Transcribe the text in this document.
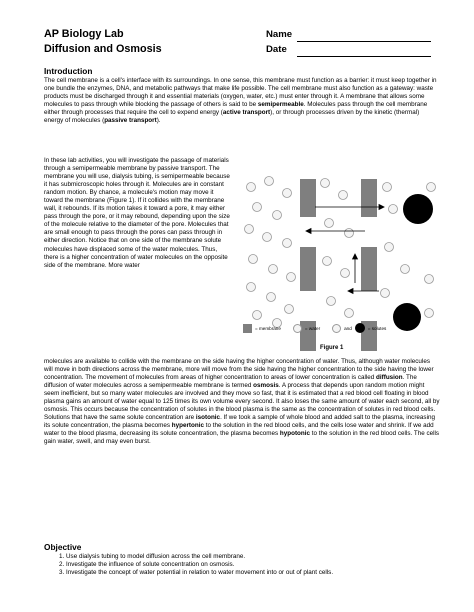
AP Biology Lab
Diffusion and Osmosis
Name
Date
Introduction

The cell membrane is a cell's interface with its surroundings. In one sense, this membrane must function as a barrier: it must keep together in one bundle the enzymes, DNA, and metabolic pathways that make life possible. The cell membrane must also function as a gateway: waste products must be discharged through it and essential materials (oxygen, water, etc.) must enter through it. A membrane that allows some molecules to pass through while blocking the passage of others is said to be semipermeable. Molecules pass through the cell membrane either through processes that require the cell to expend energy (active transport), or through processes driven by the kinetic (thermal) energy of molecules (passive transport).

In these lab activities, you will investigate the passage of materials through a semipermeable membrane by passive transport. The membrane you will use, dialysis tubing, is semipermeable because it has submicroscopic holes through it. Molecules are in constant random motion. By chance, a molecule's motion may move it toward the membrane (Figure 1). If it collides with the membrane wall, it rebounds. If its motion takes it toward a pore, it may either pass through the pore, or it may rebound, depending upon the size of the molecule relative to the diameter of the pore. Molecules that are small enough to pass through the pores can pass through in either direction. Notice that on one side of the membrane solute molecules have displaced some of the water molecules. Thus, there is a higher concentration of water molecules on the opposite side of the membrane. More water
= membrane	= water	and	= solutes
Figure 1

molecules are available to collide with the membrane on the side having the higher concentration of water. Thus, although water molecules will move in both directions across the membrane, more will move from the side having the higher concentration to the side having the lower concentration. The movement of molecules from areas of higher concentration to areas of lower concentration is called diffusion. The diffusion of water molecules across a semipermeable membrane is termed osmosis. A process that depends upon random motion might seem inefficient, but so many water molecules are involved and they move so fast, that it is estimated that a red blood cell floating in blood plasma gains an amount of water equal to 125 times its own volume every second. It also loses the same amount of water each second, all by osmosis. This occurs because the concentration of solutes in the blood plasma is the same as the concentration of solutes in red blood cells. Solutions that have the same solute concentration are isotonic. If we took a sample of whole blood and added salt to the plasma, increasing its solute concentration, the plasma becomes hypertonic to the solution in the red blood cells, and the cells lose water and shrink. If we add water to the blood plasma, decreasing its solute concentration, the plasma becomes hypotonic to the solution in the red blood cells. The cells gain water, swell, and may even burst.

Objective
1. Use dialysis tubing to model diffusion across the cell membrane.
2. Investigate the influence of solute concentration on osmosis.
3. Investigate the concept of water potential in relation to water movement into or out of plant cells.
